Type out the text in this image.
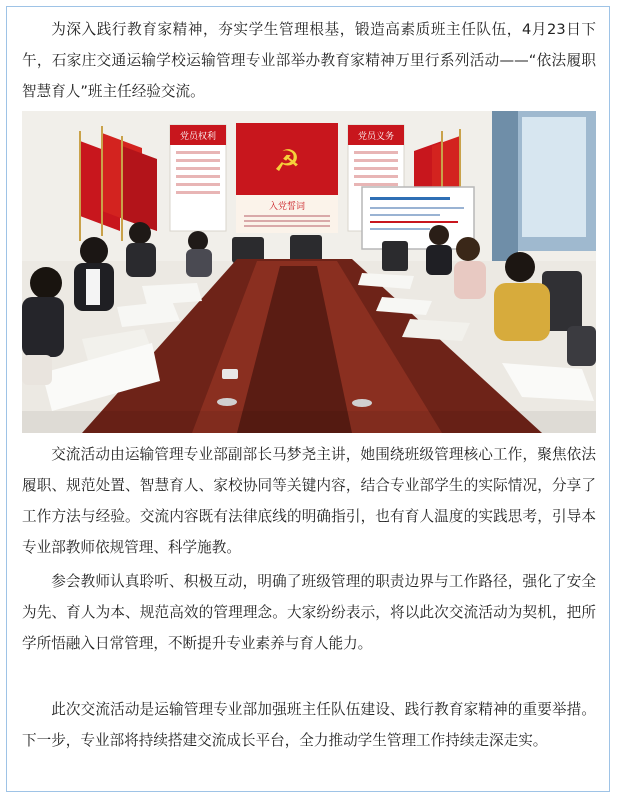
为深入践行教育家精神，夯实学生管理根基，锻造高素质班主任队伍，4月23日下午，石家庄交通运输学校运输管理专业部举办教育家精神万里行系列活动——“依法履职 智慧育人”班主任经验交流。

党员权利
☭
入党誓词
党员义务

交流活动由运输管理专业部副部长马梦尧主讲，她围绕班级管理核心工作，聚焦依法履职、规范处置、智慧育人、家校协同等关键内容，结合专业部学生的实际情况，分享了工作方法与经验。交流内容既有法律底线的明确指引，也有育人温度的实践思考，引导本专业部教师依规管理、科学施教。

参会教师认真聆听、积极互动，明确了班级管理的职责边界与工作路径，强化了安全为先、育人为本、规范高效的管理理念。大家纷纷表示，将以此次交流活动为契机，把所学所悟融入日常管理，不断提升专业素养与育人能力。

此次交流活动是运输管理专业部加强班主任队伍建设、践行教育家精神的重要举措。下一步，专业部将持续搭建交流成长平台，全力推动学生管理工作持续走深走实。
